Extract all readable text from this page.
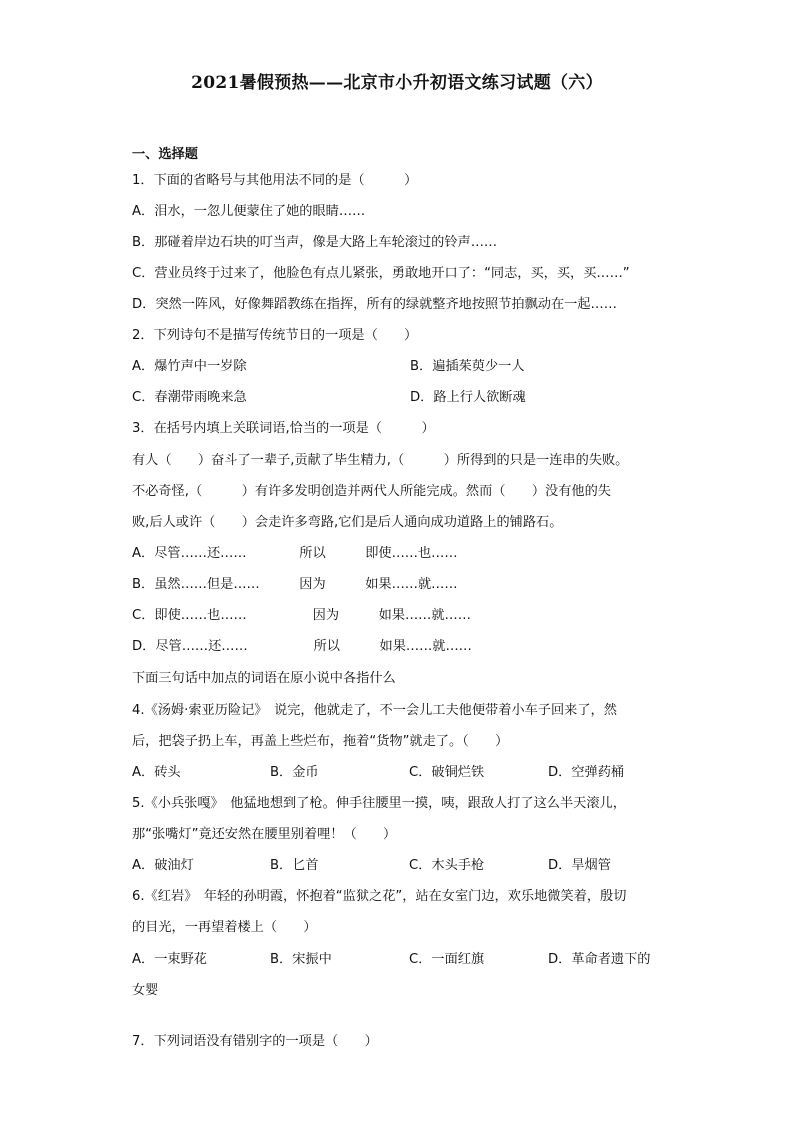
2021暑假预热——北京市小升初语文练习试题（六）
一、选择题
1．下面的省略号与其他用法不同的是（　　　）
A．泪水，一忽儿便蒙住了她的眼睛……
B．那碰着岸边石块的叮当声，像是大路上车轮滚过的铃声……
C．营业员终于过来了，他脸色有点儿紧张，勇敢地开口了：“同志，买，买，买……”
D．突然一阵风，好像舞蹈教练在指挥，所有的绿就整齐地按照节拍飘动在一起……
2．下列诗句不是描写传统节日的一项是（　　）
A．爆竹声中一岁除	B．遍插茱萸少一人
C．春潮带雨晚来急	D．路上行人欲断魂
3．在括号内填上关联词语,恰当的一项是（　　　）
有人（　　）奋斗了一辈子,贡献了毕生精力,（　　　）所得到的只是一连串的失败。
不必奇怪,（　　　）有许多发明创造并两代人所能完成。然而（　　）没有他的失
败,后人或许（　　）会走许多弯路,它们是后人通向成功道路上的铺路石。
A．尽管……还……　　　　所以　　　即使……也……
B．虽然……但是……　　　因为　　　如果……就……
C．即使……也……　　　　　因为　　　如果……就……
D．尽管……还……　　　　　所以　　　如果……就……
下面三句话中加点的词语在原小说中各指什么
4.《汤姆·索亚历险记》　说完，他就走了，不一会儿工夫他便带着小车子回来了，然
后，把袋子扔上车，再盖上些烂布，拖着“货物”就走了。（　　）
A．砖头	B．金币	C．破铜烂铁	D．空弹药桶
5.《小兵张嘎》　他猛地想到了枪。伸手往腰里一摸，咦，跟敌人打了这么半天滚儿，
那“张嘴灯”竟还安然在腰里别着哩！（　　）
A．破油灯	B．匕首	C．木头手枪	D．旱烟管
6.《红岩》　年轻的孙明霞，怀抱着“监狱之花”，站在女室门边，欢乐地微笑着，殷切
的目光，一再望着楼上（　　）
A．一束野花	B．宋振中	C．一面红旗	D．革命者遗下的
女婴
7．下列词语没有错别字的一项是（　　）
